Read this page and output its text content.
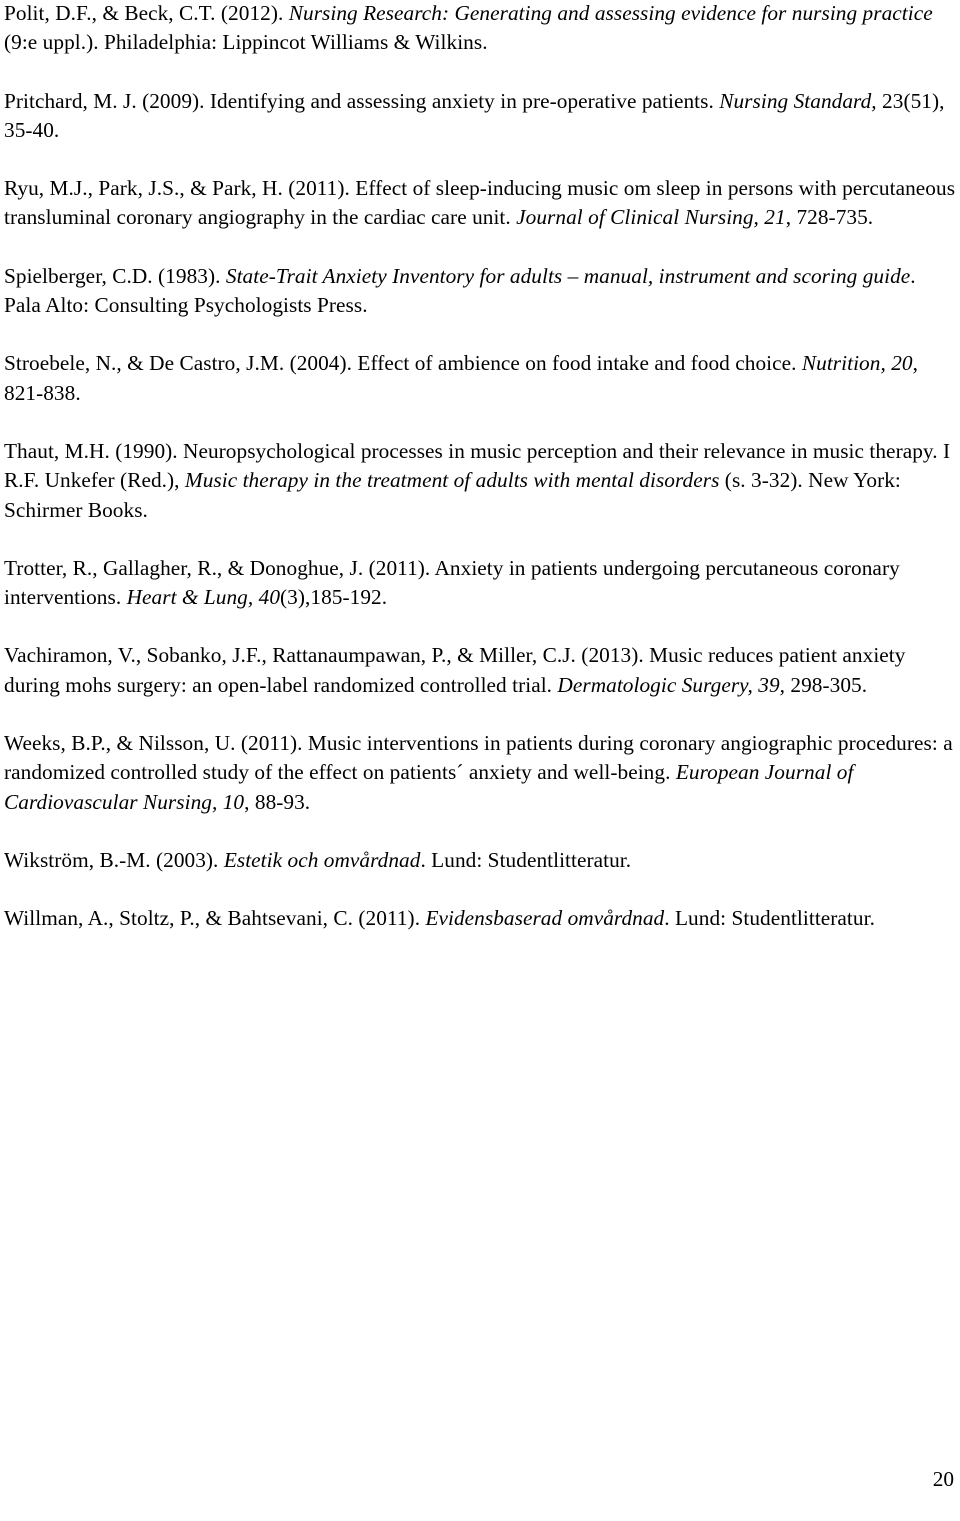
Polit, D.F., & Beck, C.T. (2012). Nursing Research: Generating and assessing evidence for nursing practice (9:e uppl.). Philadelphia: Lippincot Williams & Wilkins.

Pritchard, M. J. (2009). Identifying and assessing anxiety in pre-operative patients. Nursing Standard, 23(51), 35-40.

Ryu, M.J., Park, J.S., & Park, H. (2011). Effect of sleep-inducing music om sleep in persons with percutaneous transluminal coronary angiography in the cardiac care unit. Journal of Clinical Nursing, 21, 728-735.

Spielberger, C.D. (1983). State-Trait Anxiety Inventory for adults – manual, instrument and scoring guide. Pala Alto: Consulting Psychologists Press.

Stroebele, N., & De Castro, J.M. (2004). Effect of ambience on food intake and food choice. Nutrition, 20, 821-838.

Thaut, M.H. (1990). Neuropsychological processes in music perception and their relevance in music therapy. I R.F. Unkefer (Red.), Music therapy in the treatment of adults with mental disorders (s. 3-32). New York: Schirmer Books.

Trotter, R., Gallagher, R., & Donoghue, J. (2011). Anxiety in patients undergoing percutaneous coronary interventions. Heart & Lung, 40(3),185-192.

Vachiramon, V., Sobanko, J.F., Rattanaumpawan, P., & Miller, C.J. (2013). Music reduces patient anxiety during mohs surgery: an open-label randomized controlled trial. Dermatologic Surgery, 39, 298-305.

Weeks, B.P., & Nilsson, U. (2011). Music interventions in patients during coronary angiographic procedures: a randomized controlled study of the effect on patients´ anxiety and well-being. European Journal of Cardiovascular Nursing, 10, 88-93.

Wikström, B.-M. (2003). Estetik och omvårdnad. Lund: Studentlitteratur.

Willman, A., Stoltz, P., & Bahtsevani, C. (2011). Evidensbaserad omvårdnad. Lund: Studentlitteratur.

20
